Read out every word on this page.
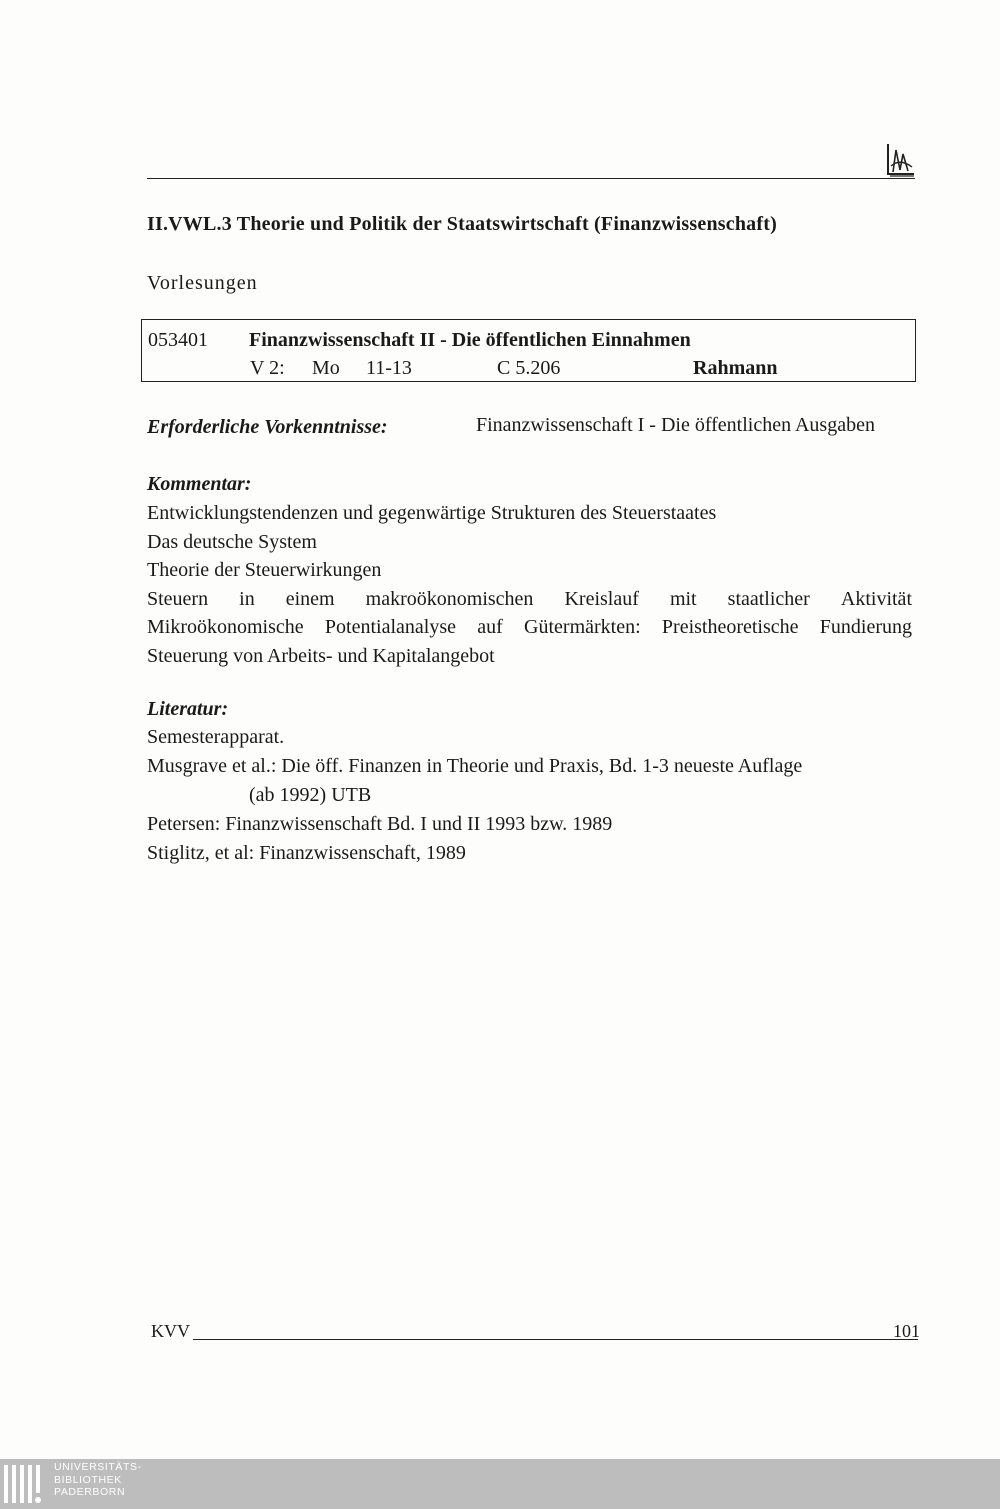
II.VWL.3 Theorie und Politik der Staatswirtschaft (Finanzwissenschaft)
Vorlesungen
053401 Finanzwissenschaft II - Die öffentlichen Einnahmen
V 2: Mo 11-13	C 5.206	Rahmann
Erforderliche Vorkenntnisse:	Finanzwissenschaft I - Die öffentlichen Ausgaben
Kommentar:
Entwicklungstendenzen und gegenwärtige Strukturen des Steuerstaates
Das deutsche System
Theorie der Steuerwirkungen
Steuern in einem makroökonomischen Kreislauf mit staatlicher Aktivität
Mikroökonomische Potentialanalyse auf Gütermärkten: Preistheoretische Fundierung
Steuerung von Arbeits- und Kapitalangebot
Literatur:
Semesterapparat.
Musgrave et al.: Die öff. Finanzen in Theorie und Praxis, Bd. 1-3 neueste Auflage
(ab 1992) UTB
Petersen: Finanzwissenschaft Bd. I und II 1993 bzw. 1989
Stiglitz, et al: Finanzwissenschaft, 1989
KVV	101
UNIVERSITÄTS-
BIBLIOTHEK
PADERBORN
